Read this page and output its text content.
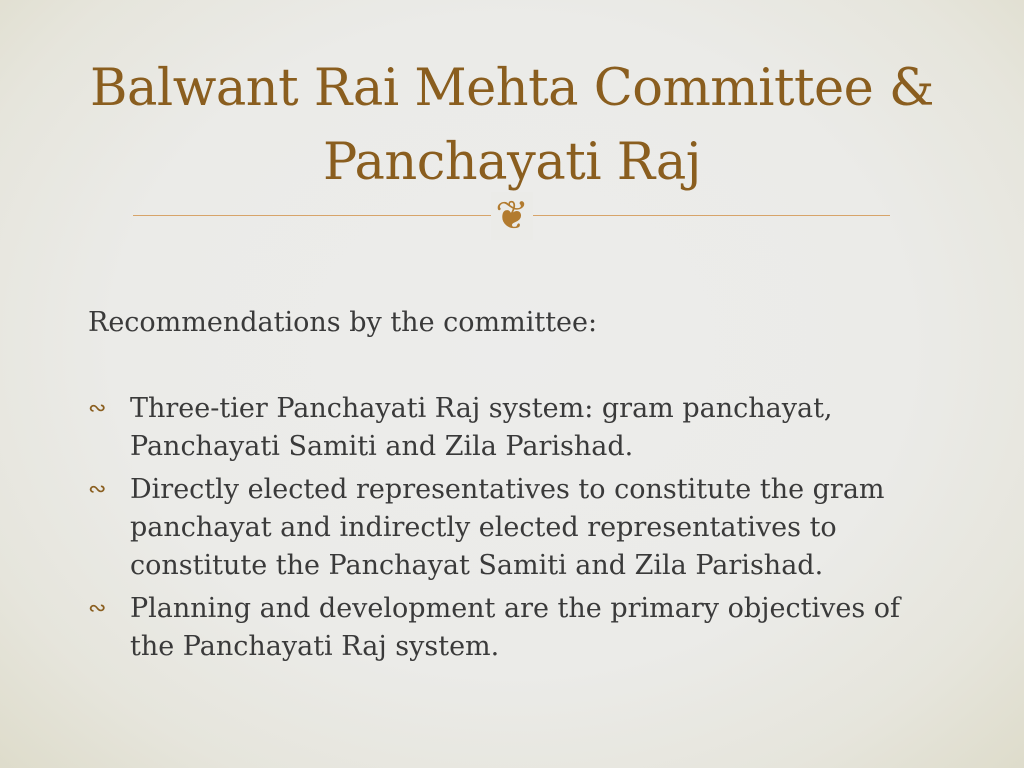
Balwant Rai Mehta Committee & Panchayati Raj
❦

Recommendations by the committee:

∾ Three-tier Panchayati Raj system: gram panchayat, Panchayati Samiti and Zila Parishad.
∾ Directly elected representatives to constitute the gram panchayat and indirectly elected representatives to constitute the Panchayat Samiti and Zila Parishad.
∾ Planning and development are the primary objectives of the Panchayati Raj system.
